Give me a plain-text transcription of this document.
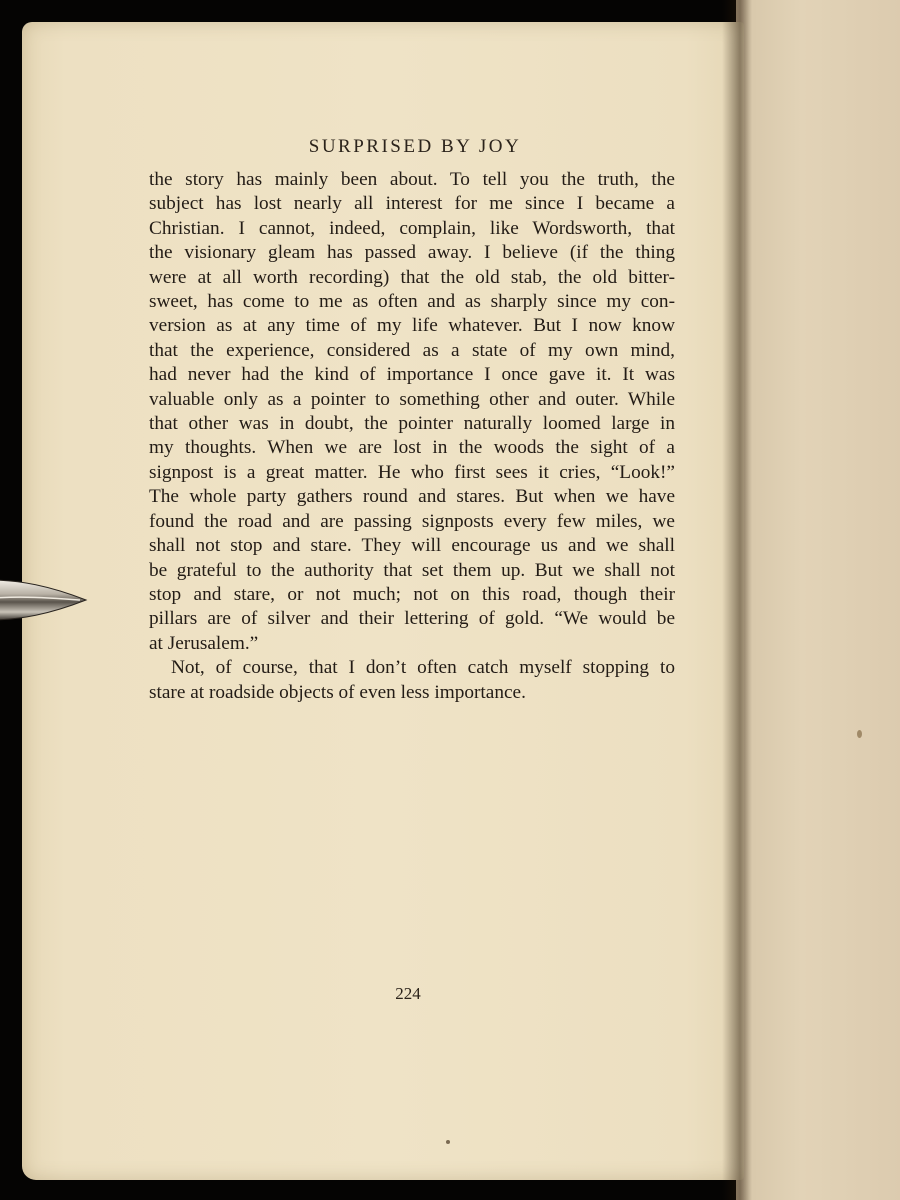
SURPRISED BY JOY
the story has mainly been about. To tell you the truth, the
subject has lost nearly all interest for me since I became a
Christian. I cannot, indeed, complain, like Wordsworth, that
the visionary gleam has passed away. I believe (if the thing
were at all worth recording) that the old stab, the old bitter-
sweet, has come to me as often and as sharply since my con-
version as at any time of my life whatever. But I now know
that the experience, considered as a state of my own mind,
had never had the kind of importance I once gave it. It was
valuable only as a pointer to something other and outer. While
that other was in doubt, the pointer naturally loomed large in
my thoughts. When we are lost in the woods the sight of a
signpost is a great matter. He who first sees it cries, “Look!”
The whole party gathers round and stares. But when we have
found the road and are passing signposts every few miles, we
shall not stop and stare. They will encourage us and we shall
be grateful to the authority that set them up. But we shall not
stop and stare, or not much; not on this road, though their
pillars are of silver and their lettering of gold. “We would be
at Jerusalem.”
Not, of course, that I don’t often catch myself stopping to
stare at roadside objects of even less importance.
224
